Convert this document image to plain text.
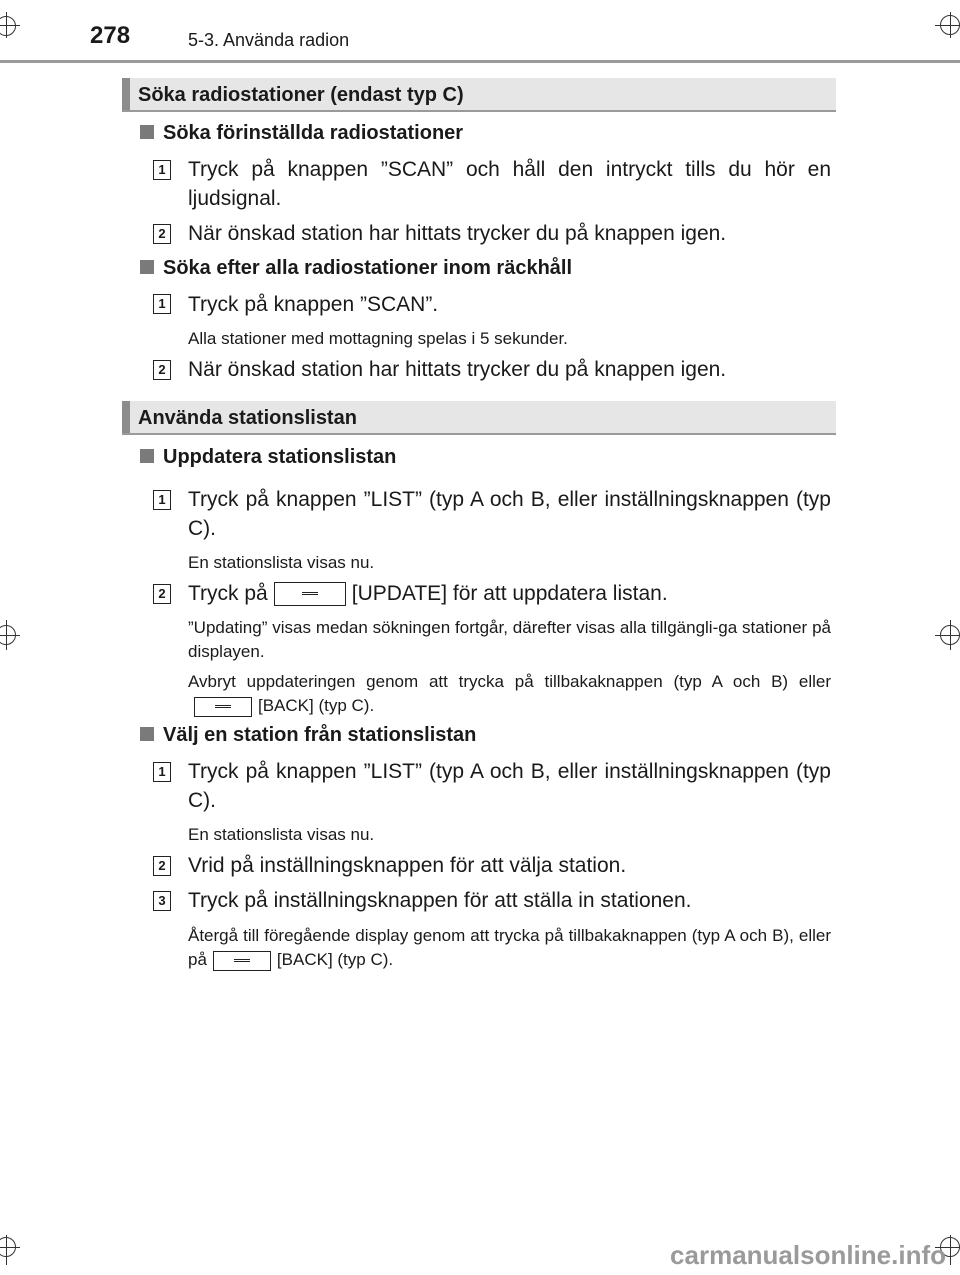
278	5-3. Använda radion
Söka radiostationer (endast typ C)
Söka förinställda radiostationer
1 Tryck på knappen ”SCAN” och håll den intryckt tills du hör en ljudsignal.
2 När önskad station har hittats trycker du på knappen igen.
Söka efter alla radiostationer inom räckhåll
1 Tryck på knappen ”SCAN”.
Alla stationer med mottagning spelas i 5 sekunder.
2 När önskad station har hittats trycker du på knappen igen.
Använda stationslistan
Uppdatera stationslistan
1 Tryck på knappen ”LIST” (typ A och B, eller inställningsknappen (typ C).
En stationslista visas nu.
2 Tryck på	[UPDATE] för att uppdatera listan.
”Updating” visas medan sökningen fortgår, därefter visas alla tillgängli-ga stationer på displayen.
Avbryt uppdateringen genom att trycka på tillbakaknappen (typ A och B) eller
[BACK] (typ C).
Välj en station från stationslistan
1 Tryck på knappen ”LIST” (typ A och B, eller inställningsknappen (typ C).
En stationslista visas nu.
2 Vrid på inställningsknappen för att välja station.
3 Tryck på inställningsknappen för att ställa in stationen.
Återgå till föregående display genom att trycka på tillbakaknappen (typ A och B), eller på	[BACK] (typ C).
carmanualsonline.info
